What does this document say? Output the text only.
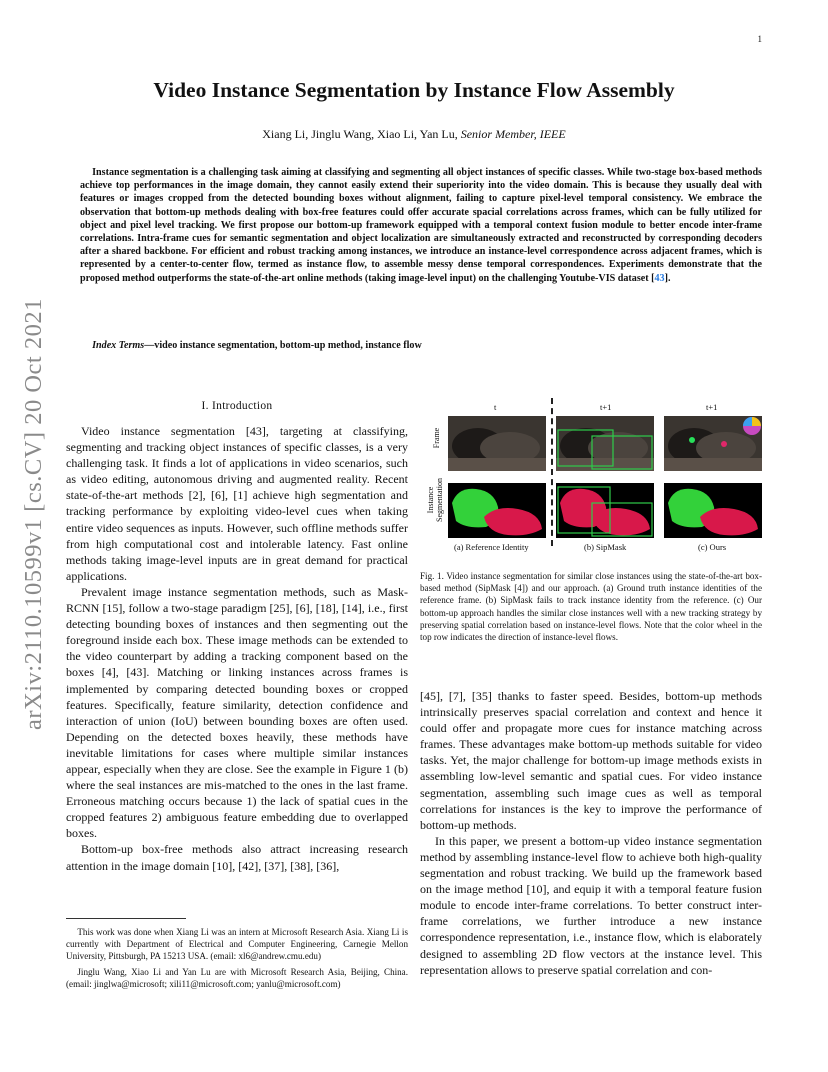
1
arXiv:2110.10599v1 [cs.CV] 20 Oct 2021
Video Instance Segmentation by Instance Flow Assembly
Xiang Li, Jinglu Wang, Xiao Li, Yan Lu, Senior Member, IEEE
Instance segmentation is a challenging task aiming at classifying and segmenting all object instances of specific classes. While two-stage box-based methods achieve top performances in the image domain, they cannot easily extend their superiority into the video domain. This is because they usually deal with features or images cropped from the detected bounding boxes without alignment, failing to capture pixel-level temporal consistency. We embrace the observation that bottom-up methods dealing with box-free features could offer accurate spacial correlations across frames, which can be fully utilized for object and pixel level tracking. We first propose our bottom-up framework equipped with a temporal context fusion module to better encode inter-frame correlations. Intra-frame cues for semantic segmentation and object localization are simultaneously extracted and reconstructed by corresponding decoders after a shared backbone. For efficient and robust tracking among instances, we introduce an instance-level correspondence across adjacent frames, which is represented by a center-to-center flow, termed as instance flow, to assemble messy dense temporal correspondences. Experiments demonstrate that the proposed method outperforms the state-of-the-art online methods (taking image-level input) on the challenging Youtube-VIS dataset [43].
Index Terms—video instance segmentation, bottom-up method, instance flow
I. Introduction

Video instance segmentation [43], targeting at classifying, segmenting and tracking object instances of specific classes, is a very challenging task. It finds a lot of applications in video scenarios, such as video editing, autonomous driving and augmented reality. Recent state-of-the-art methods [2], [6], [1] achieve high segmentation and tracking performance by exploiting video-level cues when taking entire video sequences as inputs. However, such offline methods suffer from high computational cost and intolerable latency. Fast online methods taking image-level inputs are in great demand for practical applications.

Prevalent image instance segmentation methods, such as Mask-RCNN [15], follow a two-stage paradigm [25], [6], [18], [14], i.e., first detecting bounding boxes of instances and then segmenting out the foreground inside each box. These image methods can be extended to the video counterpart by adding a tracking component based on the boxes [4], [43]. Matching or linking instances across frames is implemented by comparing detected bounding boxes or cropped features. Specifically, feature similarity, detection confidence and interaction of union (IoU) between bounding boxes are often used. Depending on the detected boxes heavily, these methods have inevitable limitations for cases where multiple similar instances appear, especially when they are close. See the example in Figure 1 (b) where the seal instances are mis-matched to the ones in the last frame. Erroneous matching occurs because 1) the lack of spatial cues in the cropped features 2) ambiguous feature embedding due to overlapped boxes.

Bottom-up box-free methods also attract increasing research attention in the image domain [10], [42], [37], [38], [36],

This work was done when Xiang Li was an intern at Microsoft Research Asia. Xiang Li is currently with Department of Electrical and Computer Engineering, Carnegie Mellon University, Pittsburgh, PA 15213 USA. (email: xl6@andrew.cmu.edu)

Jinglu Wang, Xiao Li and Yan Lu are with Microsoft Research Asia, Beijing, China. (email: jinglwa@microsoft; xili11@microsoft.com; yanlu@microsoft.com)

t	t+1	t+1
Frame
Instance Segmentation
(a) Reference Identity	(b) SipMask	(c) Ours
Fig. 1. Video instance segmentation for similar close instances using the state-of-the-art box-based method (SipMask [4]) and our approach. (a) Ground truth instance identities of the reference frame. (b) SipMask fails to track instance identity from the reference. (c) Our bottom-up approach handles the similar close instances well with a new tracking strategy by preserving spatial correlation based on instance-level flows. Note that the color wheel in the top row indicates the direction of instance-level flows.

[45], [7], [35] thanks to faster speed. Besides, bottom-up methods intrinsically preserves spacial correlation and context and hence it could offer and propagate more cues for instance matching across frames. These advantages make bottom-up methods suitable for video tasks. Yet, the major challenge for bottom-up image methods exists in assembling low-level semantic and spatial cues. For video instance segmentation, assembling such image cues as well as temporal correlations for instances is the key to improve the performance of bottom-up methods.

In this paper, we present a bottom-up video instance segmentation method by assembling instance-level flow to achieve both high-quality segmentation and robust tracking. We build up the framework based on the image method [10], and equip it with a temporal feature fusion module to encode inter-frame correlations. To better construct inter-frame correlations, we further introduce a new instance correspondence representation, i.e., instance flow, which is elaborately designed to assembling 2D flow vectors at the instance level. This representation allows to preserve spatial correlation and con-
